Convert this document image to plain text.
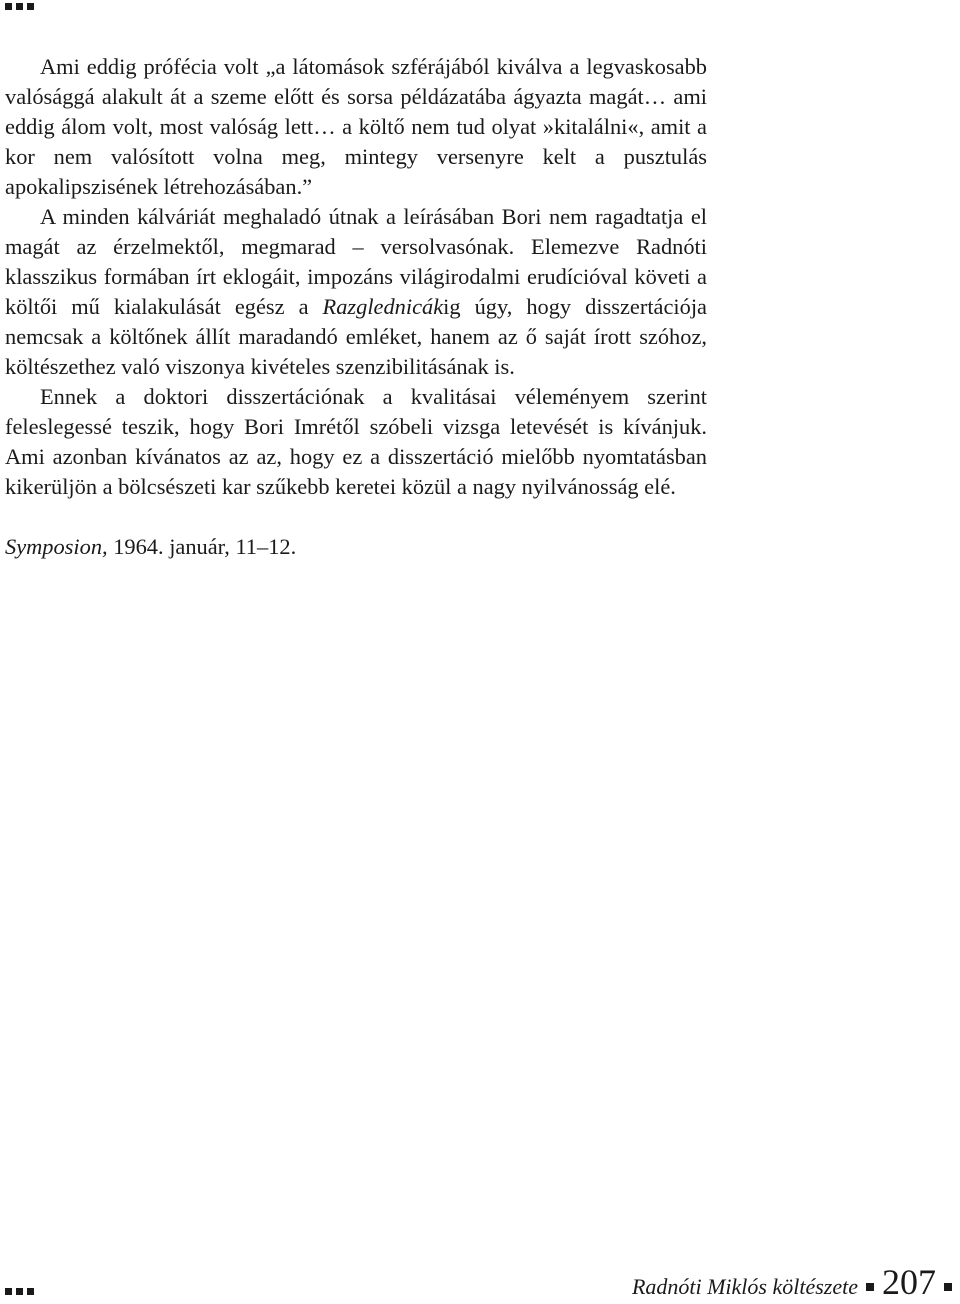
Ami eddig prófécia volt „a látomások szférájából kiválva a legvaskosabb valósággá alakult át a szeme előtt és sorsa példázatába ágyazta magát… ami eddig álom volt, most valóság lett… a költő nem tud olyat »kitalálni«, amit a kor nem valósított volna meg, mintegy versenyre kelt a pusztulás apokalipszisének létrehozásában.”

A minden kálváriát meghaladó útnak a leírásában Bori nem ragadtatja el magát az érzelmektől, megmarad – versolvasónak. Elemezve Radnóti klasszikus formában írt eklogáit, impozáns világirodalmi erudícióval követi a költői mű kialakulását egész a Razglednicákig úgy, hogy disszertációja nemcsak a költőnek állít maradandó emléket, hanem az ő saját írott szóhoz, költészethez való viszonya kivételes szenzibilitásának is.

Ennek a doktori disszertációnak a kvalitásai véleményem szerint feleslegessé teszik, hogy Bori Imrétől szóbeli vizsga letevését is kívánjuk. Ami azonban kívánatos az az, hogy ez a disszertáció mielőbb nyomtatásban kikerüljön a bölcsészeti kar szűkebb keretei közül a nagy nyilvánosság elé.

Symposion, 1964. január, 11–12.
Radnóti Miklós költészete 207
